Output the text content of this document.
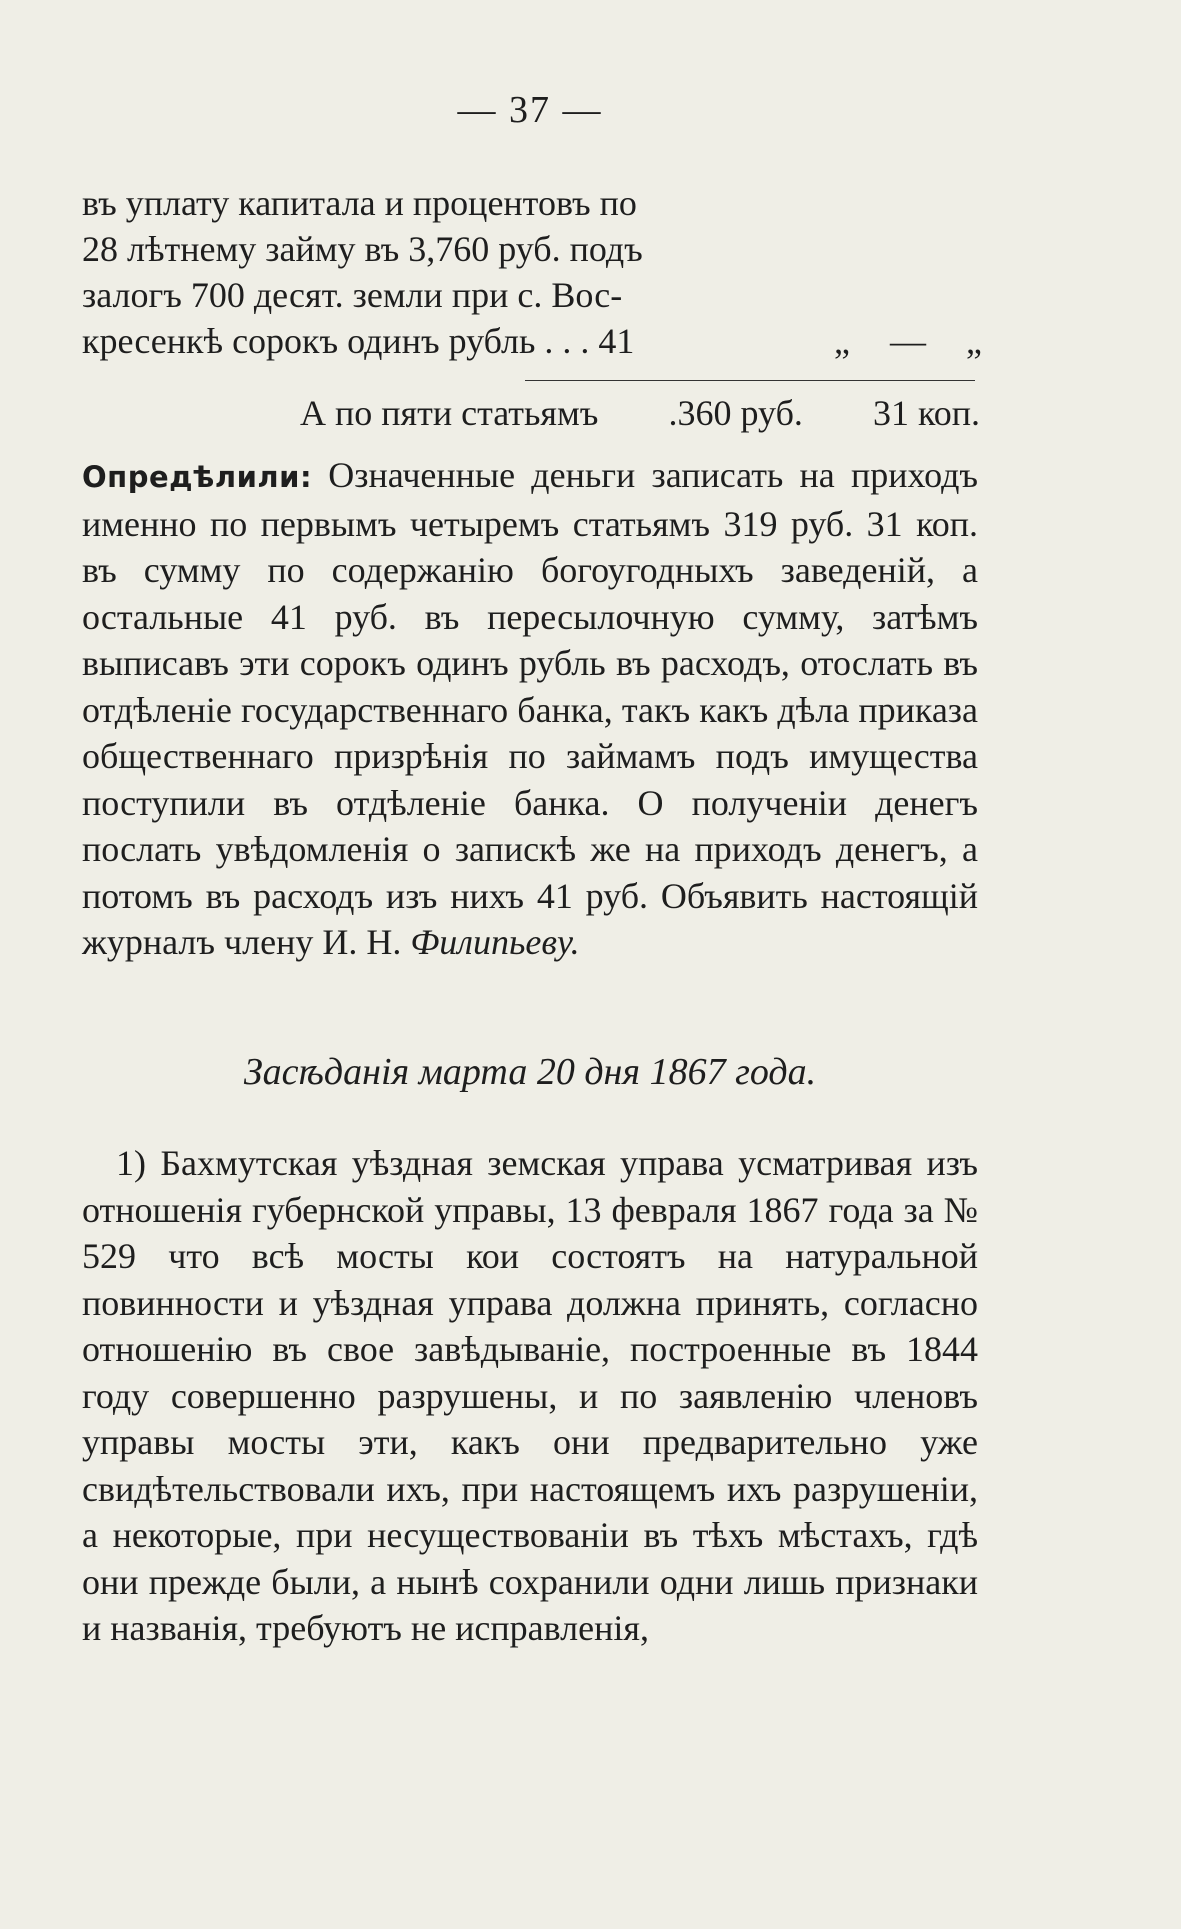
— 37 —
въ уплату капитала и процентовъ по
28 лѣтнему займу въ 3,760 руб. подъ
залогъ 700 десят. земли при с. Вос-
кресенкѣ сорокъ одинъ рубль . . . 41	„ — „
А по пяти статьямъ .360 руб. 31 коп.
Опредѣлили: Означенные деньги записать на приходъ именно по первымъ четыремъ статьямъ 319 руб. 31 коп. въ сумму по содержанію богоугодныхъ заведеній, а остальные 41 руб. въ пересылочную сумму, затѣмъ выписавъ эти сорокъ одинъ рубль въ расходъ, отослать въ отдѣленіе государственнаго банка, такъ какъ дѣла приказа общественнаго призрѣнія по займамъ подъ имущества поступили въ отдѣленіе банка. О полученіи денегъ послать увѣдомленія о запискѣ же на приходъ денегъ, а потомъ въ расходъ изъ нихъ 41 руб. Объявить настоящій журналъ члену И. Н. Филипьеву.
Засѣданія марта 20 дня 1867 года.
1) Бахмутская уѣздная земская управа усматривая изъ отношенія губернской управы, 13 февраля 1867 года за № 529 что всѣ мосты кои состоятъ на натуральной повинности и уѣздная управа должна принять, согласно отношенію въ свое завѣдываніе, построенные въ 1844 году совершенно разрушены, и по заявленію членовъ управы мосты эти, какъ они предварительно уже свидѣтельствовали ихъ, при настоящемъ ихъ разрушеніи, а некоторые, при несуществованіи въ тѣхъ мѣстахъ, гдѣ они прежде были, а нынѣ сохранили одни лишь признаки и названія, требуютъ не исправленія,
